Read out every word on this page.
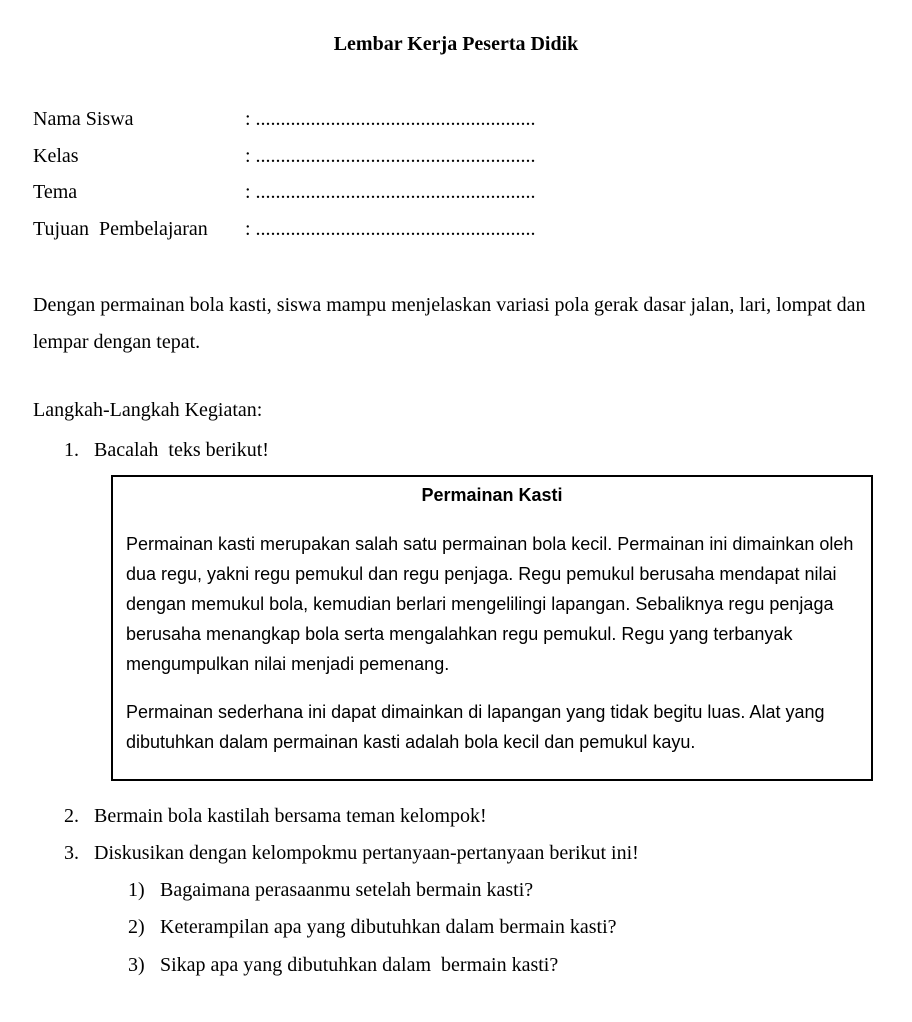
Lembar Kerja Peserta Didik
Nama Siswa	: ........................................................
Kelas	: ........................................................
Tema	: ........................................................
Tujuan  Pembelajaran : ........................................................
Dengan permainan bola kasti, siswa mampu menjelaskan variasi pola gerak dasar jalan, lari, lompat dan lempar dengan tepat.
Langkah-Langkah Kegiatan:
1. Bacalah  teks berikut!
Permainan Kasti
Permainan kasti merupakan salah satu permainan bola kecil. Permainan ini dimainkan oleh dua regu, yakni regu pemukul dan regu penjaga. Regu pemukul berusaha mendapat nilai dengan memukul bola, kemudian berlari mengelilingi lapangan. Sebaliknya regu penjaga berusaha menangkap bola serta mengalahkan regu pemukul. Regu yang terbanyak mengumpulkan nilai menjadi pemenang.
Permainan sederhana ini dapat dimainkan di lapangan yang tidak begitu luas. Alat yang dibutuhkan dalam permainan kasti adalah bola kecil dan pemukul kayu.
2. Bermain bola kastilah bersama teman kelompok!
3. Diskusikan dengan kelompokmu pertanyaan-pertanyaan berikut ini!
1) Bagaimana perasaanmu setelah bermain kasti?
2) Keterampilan apa yang dibutuhkan dalam bermain kasti?
3) Sikap apa yang dibutuhkan dalam  bermain kasti?
